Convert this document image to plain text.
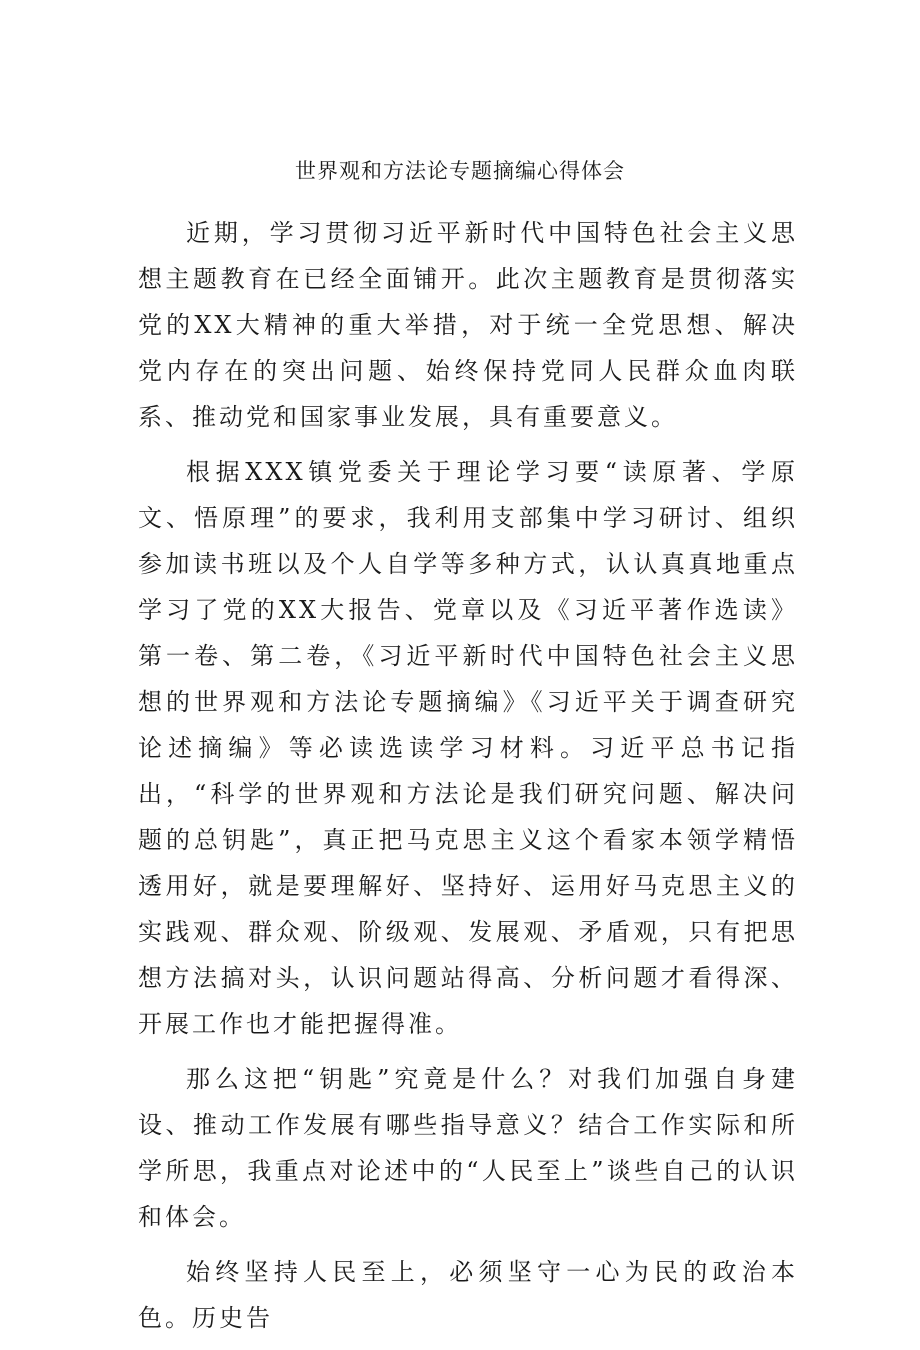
世界观和方法论专题摘编心得体会

近期，学习贯彻习近平新时代中国特色社会主义思想主题教育在已经全面铺开。此次主题教育是贯彻落实党的XX大精神的重大举措，对于统一全党思想、解决党内存在的突出问题、始终保持党同人民群众血肉联系、推动党和国家事业发展，具有重要意义。

根据XXX镇党委关于理论学习要“读原著、学原文、悟原理”的要求，我利用支部集中学习研讨、组织参加读书班以及个人自学等多种方式，认认真真地重点学习了党的XX大报告、党章以及《习近平著作选读》第一卷、第二卷，《习近平新时代中国特色社会主义思想的世界观和方法论专题摘编》《习近平关于调查研究论述摘编》等必读选读学习材料。习近平总书记指出，“科学的世界观和方法论是我们研究问题、解决问题的总钥匙”，真正把马克思主义这个看家本领学精悟透用好，就是要理解好、坚持好、运用好马克思主义的实践观、群众观、阶级观、发展观、矛盾观，只有把思想方法搞对头，认识问题站得高、分析问题才看得深、开展工作也才能把握得准。

那么这把“钥匙”究竟是什么？对我们加强自身建设、推动工作发展有哪些指导意义？结合工作实际和所学所思，我重点对论述中的“人民至上”谈些自己的认识和体会。

始终坚持人民至上，必须坚守一心为民的政治本色。历史告
